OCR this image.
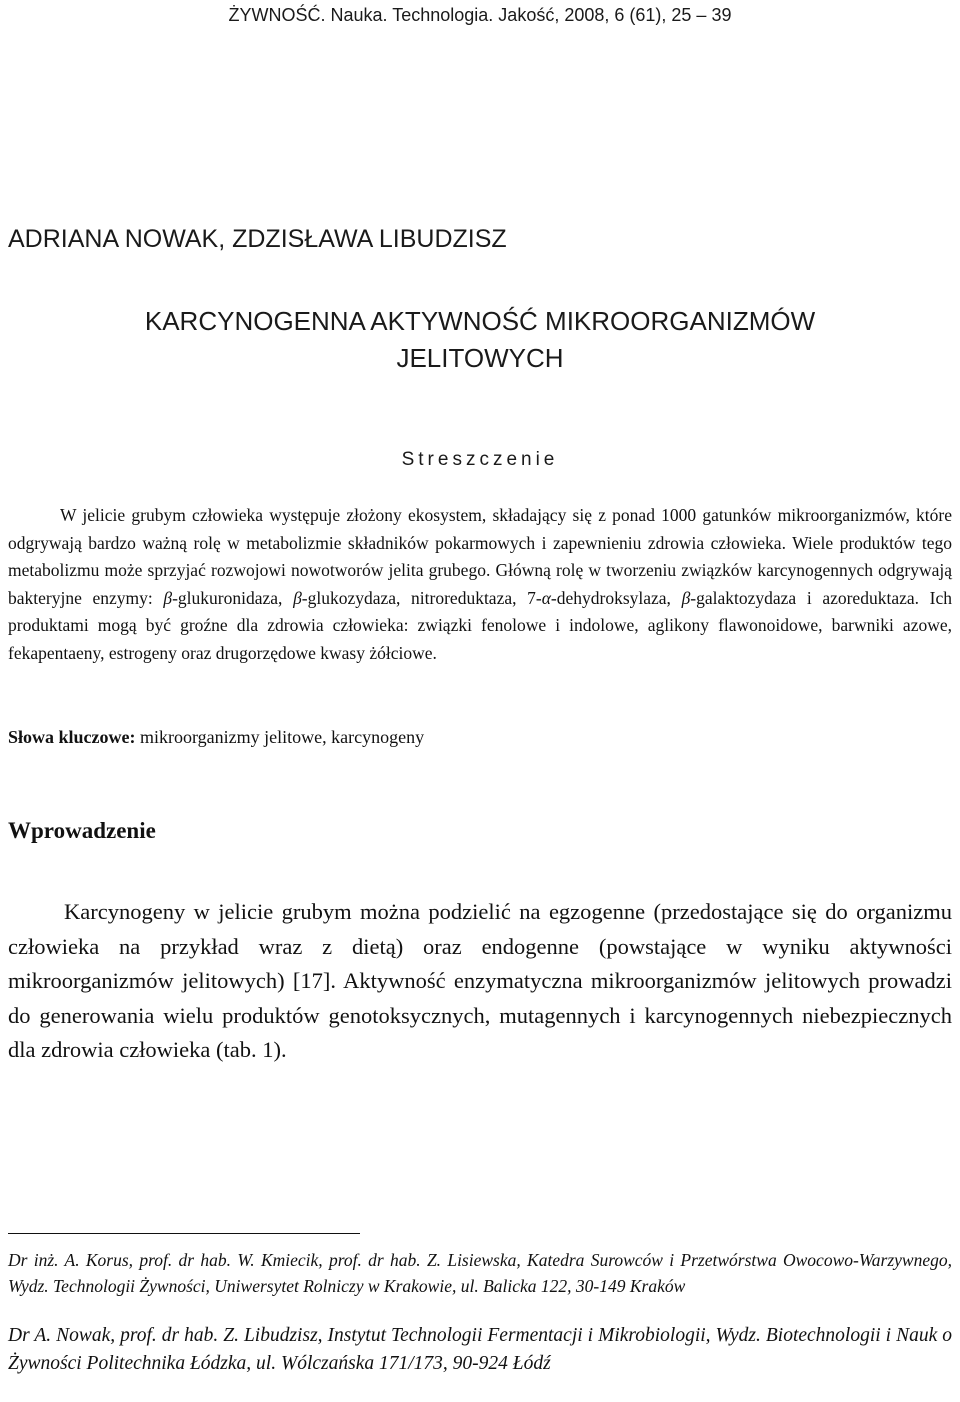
ŻYWNOŚĆ. Nauka. Technologia. Jakość, 2008, 6 (61), 25 – 39
ADRIANA NOWAK, ZDZISŁAWA LIBUDZISZ
KARCYNOGENNA AKTYWNOŚĆ MIKROORGANIZMÓW
JELITOWYCH
Streszczenie

W jelicie grubym człowieka występuje złożony ekosystem, składający się z ponad 1000 gatunków mikroorganizmów, które odgrywają bardzo ważną rolę w metabolizmie składników pokarmowych i zapewnieniu zdrowia człowieka. Wiele produktów tego metabolizmu może sprzyjać rozwojowi nowotworów jelita grubego. Główną rolę w tworzeniu związków karcynogennych odgrywają bakteryjne enzymy: β-glukuronidaza, β-glukozydaza, nitroreduktaza, 7-α-dehydroksylaza, β-galaktozydaza i azoreduktaza. Ich produktami mogą być groźne dla zdrowia człowieka: związki fenolowe i indolowe, aglikony flawonoidowe, barwniki azowe, fekapentaeny, estrogeny oraz drugorzędowe kwasy żółciowe.

Słowa kluczowe: mikroorganizmy jelitowe, karcynogeny

Wprowadzenie

Karcynogeny w jelicie grubym można podzielić na egzogenne (przedostające się do organizmu człowieka na przykład wraz z dietą) oraz endogenne (powstające w wyniku aktywności mikroorganizmów jelitowych) [17]. Aktywność enzymatyczna mikroorganizmów jelitowych prowadzi do generowania wielu produktów genotoksycznych, mutagennych i karcynogennych niebezpiecznych dla zdrowia człowieka (tab. 1).

Dr inż. A. Korus, prof. dr hab. W. Kmiecik, prof. dr hab. Z. Lisiewska, Katedra Surowców i Przetwórstwa Owocowo-Warzywnego, Wydz. Technologii Żywności, Uniwersytet Rolniczy w Krakowie, ul. Balicka 122, 30-149 Kraków

Dr A. Nowak, prof. dr hab. Z. Libudzisz, Instytut Technologii Fermentacji i Mikrobiologii, Wydz. Biotechnologii i Nauk o Żywności Politechnika Łódzka, ul. Wólczańska 171/173, 90-924 Łódź
